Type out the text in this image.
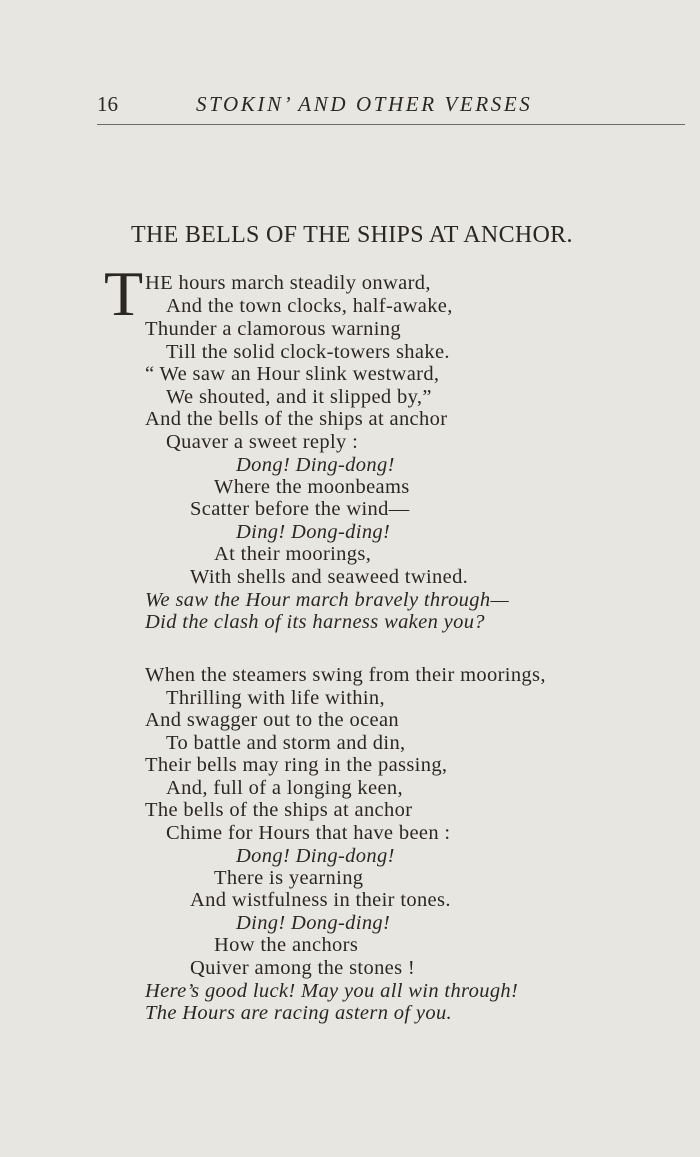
16	STOKIN’ AND OTHER VERSES
THE BELLS OF THE SHIPS AT ANCHOR.
T HE hours march steadily onward,
And the town clocks, half-awake,
Thunder a clamorous warning
Till the solid clock-towers shake.
“ We saw an Hour slink westward,
We shouted, and it slipped by,”
And the bells of the ships at anchor
Quaver a sweet reply :
Dong! Ding-dong!
Where the moonbeams
Scatter before the wind—
Ding! Dong-ding!
At their moorings,
With shells and seaweed twined.
We saw the Hour march bravely through—
Did the clash of its harness waken you?
When the steamers swing from their moorings,
Thrilling with life within,
And swagger out to the ocean
To battle and storm and din,
Their bells may ring in the passing,
And, full of a longing keen,
The bells of the ships at anchor
Chime for Hours that have been :
Dong! Ding-dong!
There is yearning
And wistfulness in their tones.
Ding! Dong-ding!
How the anchors
Quiver among the stones !
Here’s good luck! May you all win through!
The Hours are racing astern of you.
